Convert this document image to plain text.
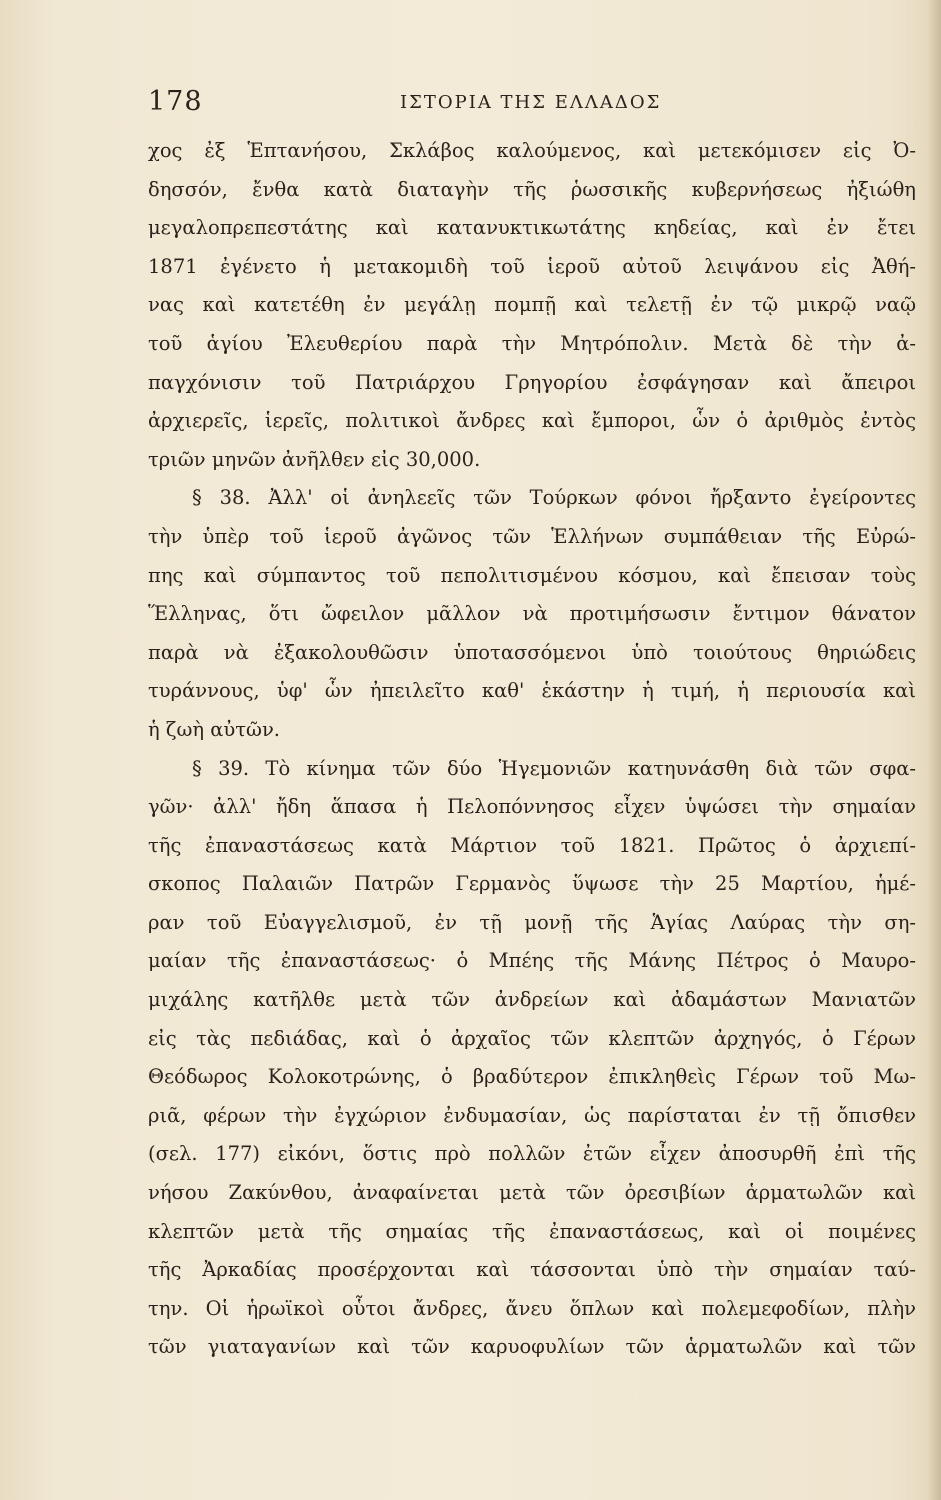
178	ΙΣΤΟΡΙΑ ΤΗΣ ΕΛΛΑΔΟΣ
χος ἐξ Ἑπτανήσου, Σκλάβος καλούμενος, καὶ μετεκόμισεν εἰς Ὀ-
δησσόν, ἔνθα κατὰ διαταγὴν τῆς ῥωσσικῆς κυβερνήσεως ἠξιώθη
μεγαλοπρεπεστάτης καὶ κατανυκτικωτάτης κηδείας, καὶ ἐν ἔτει
1871 ἐγένετο ἡ μετακομιδὴ τοῦ ἱεροῦ αὐτοῦ λειψάνου εἰς Ἀθή-
νας καὶ κατετέθη ἐν μεγάλῃ πομπῇ καὶ τελετῇ ἐν τῷ μικρῷ ναῷ
τοῦ ἁγίου Ἐλευθερίου παρὰ τὴν Μητρόπολιν. Μετὰ δὲ τὴν ἀ-
παγχόνισιν τοῦ Πατριάρχου Γρηγορίου ἐσφάγησαν καὶ ἄπειροι
ἀρχιερεῖς, ἱερεῖς, πολιτικοὶ ἄνδρες καὶ ἔμποροι, ὧν ὁ ἀριθμὸς ἐντὸς
τριῶν μηνῶν ἀνῆλθεν εἰς 30,000.
§ 38. Ἀλλ' οἱ ἀνηλεεῖς τῶν Τούρκων φόνοι ἤρξαντο ἐγείροντες
τὴν ὑπὲρ τοῦ ἱεροῦ ἀγῶνος τῶν Ἑλλήνων συμπάθειαν τῆς Εὐρώ-
πης καὶ σύμπαντος τοῦ πεπολιτισμένου κόσμου, καὶ ἔπεισαν τοὺς
Ἕλληνας, ὅτι ὤφειλον μᾶλλον νὰ προτιμήσωσιν ἔντιμον θάνατον
παρὰ νὰ ἐξακολουθῶσιν ὑποτασσόμενοι ὑπὸ τοιούτους θηριώδεις
τυράννους, ὑφ' ὧν ἠπειλεῖτο καθ' ἑκάστην ἡ τιμή, ἡ περιουσία καὶ
ἡ ζωὴ αὐτῶν.
§ 39. Τὸ κίνημα τῶν δύο Ἡγεμονιῶν κατηυνάσθη διὰ τῶν σφα-
γῶν· ἀλλ' ἤδη ἅπασα ἡ Πελοπόννησος εἶχεν ὑψώσει τὴν σημαίαν
τῆς ἐπαναστάσεως κατὰ Μάρτιον τοῦ 1821. Πρῶτος ὁ ἀρχιεπί-
σκοπος Παλαιῶν Πατρῶν Γερμανὸς ὕψωσε τὴν 25 Μαρτίου, ἡμέ-
ραν τοῦ Εὐαγγελισμοῦ, ἐν τῇ μονῇ τῆς Ἁγίας Λαύρας τὴν ση-
μαίαν τῆς ἐπαναστάσεως· ὁ Μπέης τῆς Μάνης Πέτρος ὁ Μαυρο-
μιχάλης κατῆλθε μετὰ τῶν ἀνδρείων καὶ ἀδαμάστων Μανιατῶν
εἰς τὰς πεδιάδας, καὶ ὁ ἀρχαῖος τῶν κλεπτῶν ἀρχηγός, ὁ Γέρων
Θεόδωρος Κολοκοτρώνης, ὁ βραδύτερον ἐπικληθεὶς Γέρων τοῦ Μω-
ριᾶ, φέρων τὴν ἐγχώριον ἐνδυμασίαν, ὡς παρίσταται ἐν τῇ ὄπισθεν
(σελ. 177) εἰκόνι, ὅστις πρὸ πολλῶν ἐτῶν εἶχεν ἀποσυρθῆ ἐπὶ τῆς
νήσου Ζακύνθου, ἀναφαίνεται μετὰ τῶν ὀρεσιβίων ἁρματωλῶν καὶ
κλεπτῶν μετὰ τῆς σημαίας τῆς ἐπαναστάσεως, καὶ οἱ ποιμένες
τῆς Ἀρκαδίας προσέρχονται καὶ τάσσονται ὑπὸ τὴν σημαίαν ταύ-
την. Οἱ ἡρωϊκοὶ οὗτοι ἄνδρες, ἄνευ ὅπλων καὶ πολεμεφοδίων, πλὴν
τῶν γιαταγανίων καὶ τῶν καρυοφυλίων τῶν ἁρματωλῶν καὶ τῶν
